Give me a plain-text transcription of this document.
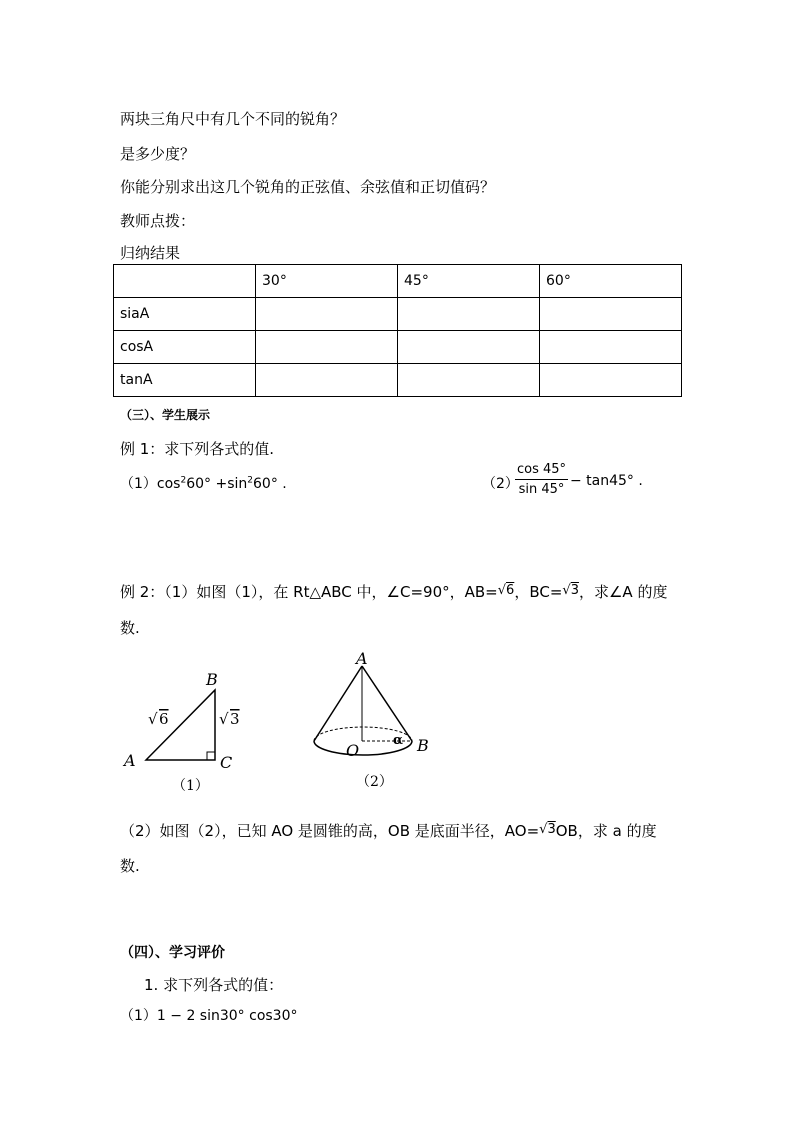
两块三角尺中有几个不同的锐角？
是多少度？
你能分别求出这几个锐角的正弦值、余弦值和正切值码？
教师点拨：
归纳结果
	30°	45°	60°
siaA			
cosA			
tanA			
（三）、学生展示
例 1：求下列各式的值.
$(1)\cos^260^\circ +\sin^260^\circ$ .	（2）
$\frac{\cos 45^\circ}{\sin 45^\circ} - \tan 45^\circ$ .
例 2：（1）如图（1），在 Rt△ABC 中，∠C=90°，AB=√6，BC=√3，求∠A 的度
数.
A
B
C
√ 6	√ 3
（1）
A
O	B
α
（2）
（2）如图（2），已知 AO 是圆锥的高，OB 是底面半径，AO=√3OB，求 a 的度
数.
（四）、学习评价
1. 求下列各式的值：
（1）1 − 2 sin30° cos30°
